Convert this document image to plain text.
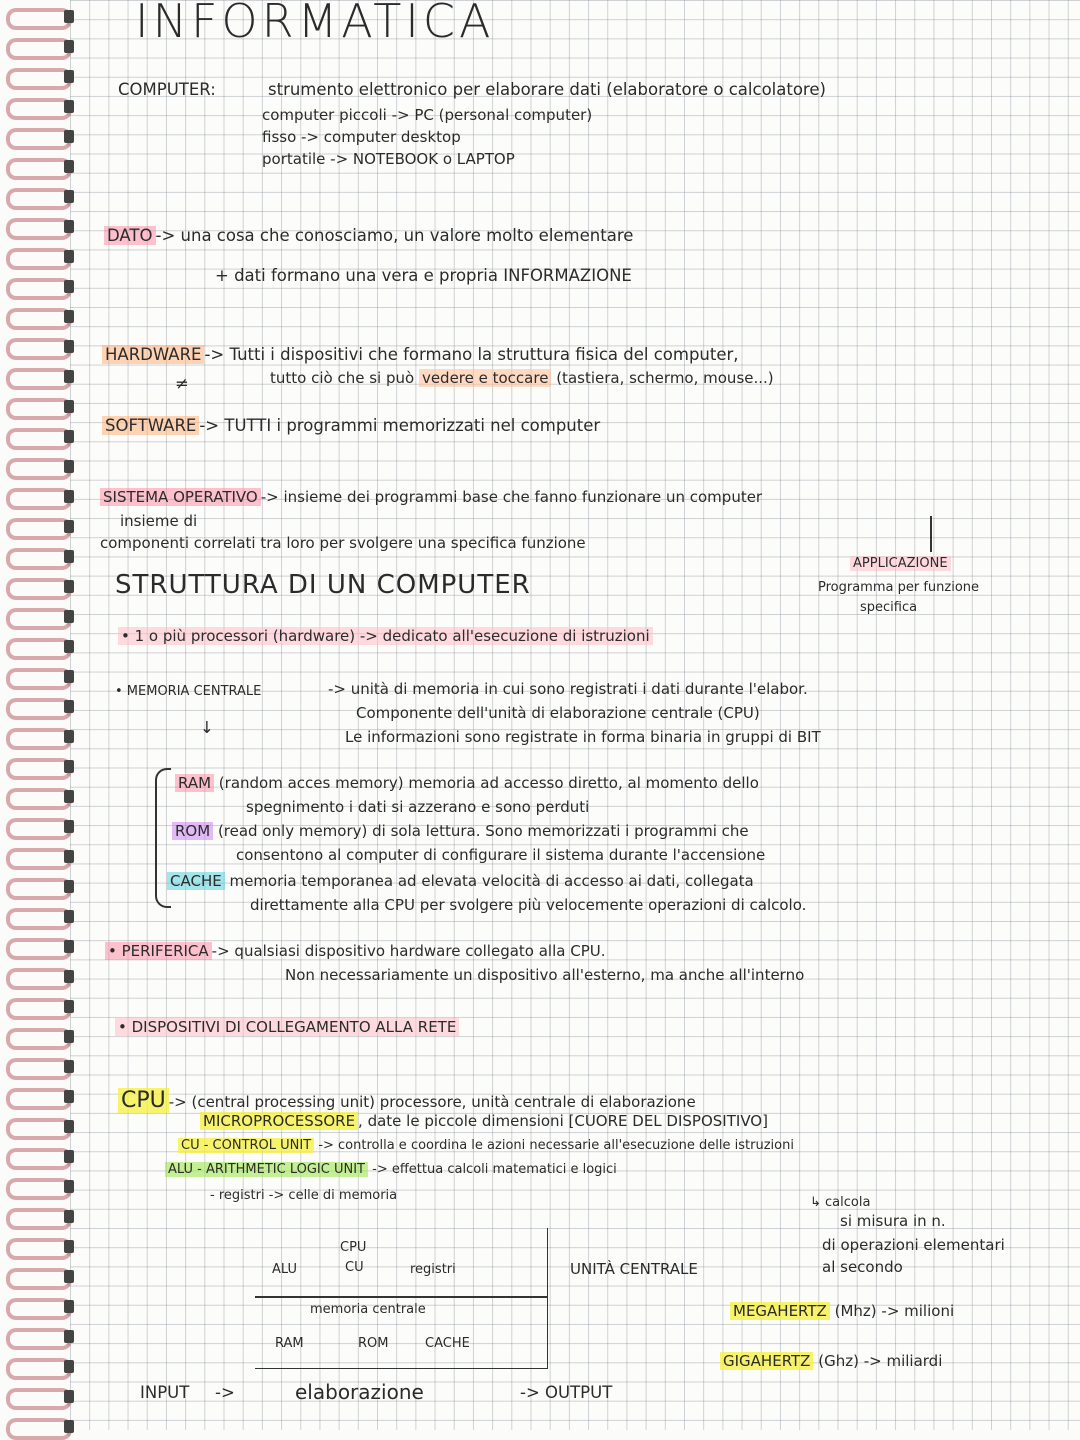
INFORMATICA
COMPUTER:	strumento elettronico per elaborare dati (elaboratore o calcolatore)
computer piccoli -> PC (personal computer)
fisso -> computer desktop
portatile -> NOTEBOOK o LAPTOP
DATO -> una cosa che conosciamo, un valore molto elementare
+ dati formano una vera e propria INFORMAZIONE
HARDWARE -> Tutti i dispositivi che formano la struttura fisica del computer,
tutto ciò che si può vedere e toccare (tastiera, schermo, mouse...)
≠
SOFTWARE -> TUTTI i programmi memorizzati nel computer
SISTEMA OPERATIVO -> insieme dei programmi base che fanno funzionare un computer
insieme di
componenti correlati tra loro per svolgere una specifica funzione
APPLICAZIONE
Programma per funzione
specifica
STRUTTURA DI UN COMPUTER
• 1 o più processori (hardware) -> dedicato all'esecuzione di istruzioni
• MEMORIA CENTRALE	-> unità di memoria in cui sono registrati i dati durante l'elabor.
Componente dell'unità di elaborazione centrale (CPU)
Le informazioni sono registrate in forma binaria in gruppi di BIT
↓
RAM (random acces memory) memoria ad accesso diretto, al momento dello
spegnimento i dati si azzerano e sono perduti
ROM (read only memory) di sola lettura. Sono memorizzati i programmi che
consentono al computer di configurare il sistema durante l'accensione
CACHE memoria temporanea ad elevata velocità di accesso ai dati, collegata
direttamente alla CPU per svolgere più velocemente operazioni di calcolo.
• PERIFERICA -> qualsiasi dispositivo hardware collegato alla CPU.
Non necessariamente un dispositivo all'esterno, ma anche all'interno
• DISPOSITIVI DI COLLEGAMENTO ALLA RETE
CPU -> (central processing unit) processore, unità centrale di elaborazione
MICROPROCESSORE , date le piccole dimensioni [CUORE DEL DISPOSITIVO]
CU - CONTROL UNIT -> controlla e coordina le azioni necessarie all'esecuzione delle istruzioni
ALU - ARITHMETIC LOGIC UNIT -> effettua calcoli matematici e logici
- registri -> celle di memoria	↳ calcola
si misura in n.
di operazioni elementari
al secondo
MEGAHERTZ (Mhz) -> milioni
GIGAHERTZ (Ghz) -> miliardi
CPU
ALU	CU	registri	UNITÀ CENTRALE
memoria centrale
RAM	ROM	CACHE
INPUT ->	elaborazione	-> OUTPUT
